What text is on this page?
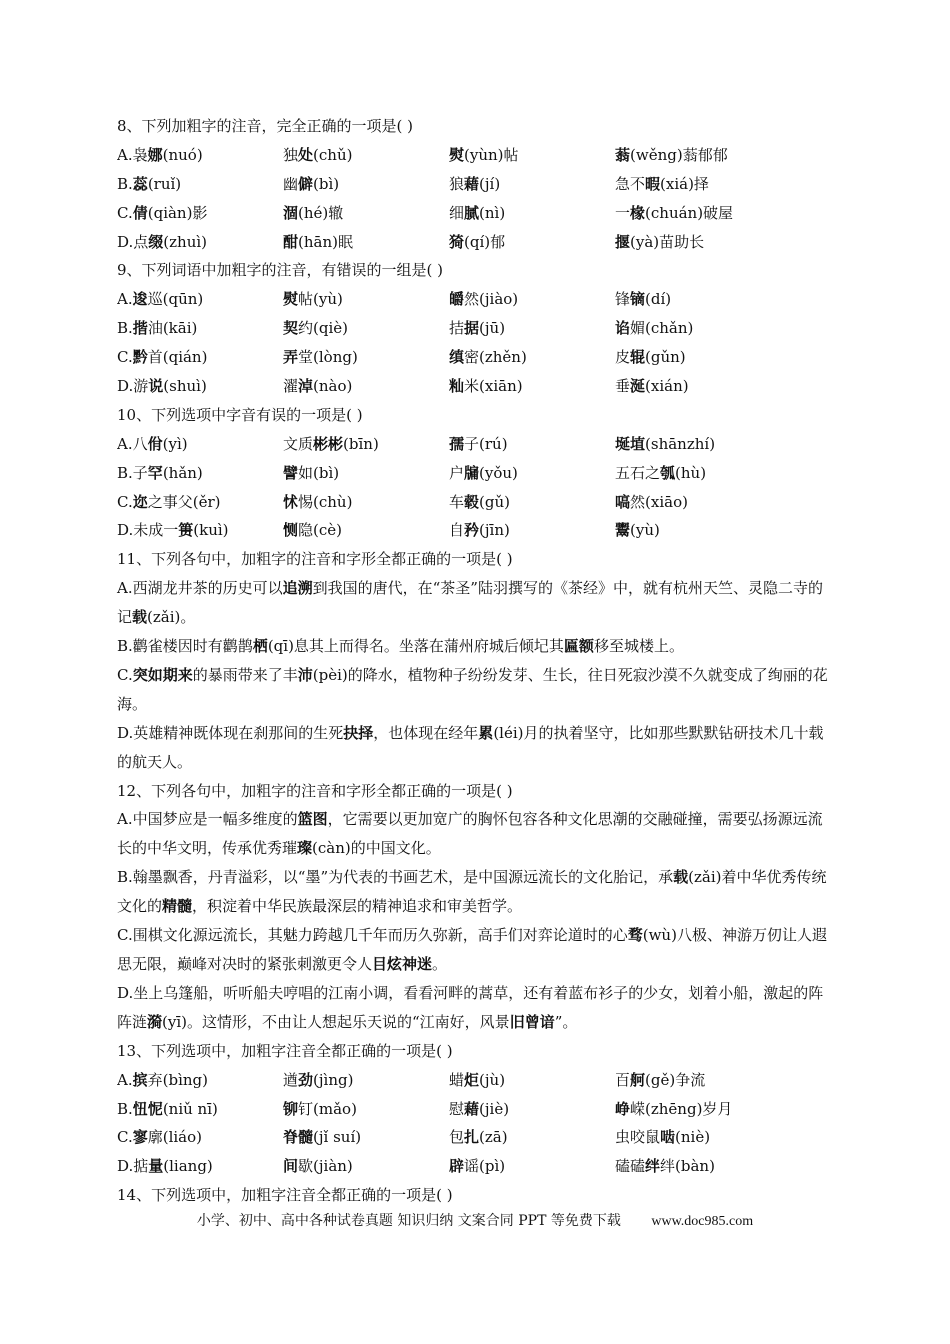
8、下列加粗字的注音，完全正确的一项是( )
A.袅娜(nuó)	独处(chǔ)	熨(yùn)帖	蓊(wěng)蓊郁郁
B.蕊(ruǐ)	幽僻(bì)	狼藉(jí)	急不暇(xiá)择
C.倩(qiàn)影	涸(hé)辙	细腻(nì)	一椽(chuán)破屋
D.点缀(zhuì)	酣(hān)眠	猗(qí)郁	揠(yà)苗助长
9、下列词语中加粗字的注音，有错误的一组是( )
A.逡巡(qūn)	熨帖(yù)	皭然(jiào)	锋镝(dí)
B.揩油(kāi)	契约(qiè)	拮据(jū)	谄媚(chǎn)
C.黔首(qián)	弄堂(lòng)	缜密(zhěn)	皮辊(gǔn)
D.游说(shuì)	濯淖(nào)	籼米(xiān)	垂涎(xián)
10、下列选项中字音有误的一项是( )
A.八佾(yì)	文质彬彬(bīn)	孺子(rú)	埏埴(shānzhí)
B.子罕(hǎn)	譬如(bì)	户牖(yǒu)	五石之瓠(hù)
C.迩之事父(ěr)	怵惕(chù)	车毂(gǔ)	嗃然(xiāo)
D.未成一篑(kuì)	恻隐(cè)	自矜(jīn)	鬻(yù)
11、下列各句中，加粗字的注音和字形全都正确的一项是( )
A.西湖龙井茶的历史可以追溯到我国的唐代，在“茶圣”陆羽撰写的《茶经》中，就有杭州天竺、灵隐二寺的记载(zǎi)。
B.鹳雀楼因时有鹳鹊栖(qī)息其上而得名。坐落在蒲州府城后倾圮其匾额移至城楼上。
C.突如期来的暴雨带来了丰沛(pèi)的降水，植物种子纷纷发芽、生长，往日死寂沙漠不久就变成了绚丽的花海。
D.英雄精神既体现在刹那间的生死抉择，也体现在经年累(léi)月的执着坚守，比如那些默默钻研技术几十载的航天人。
12、下列各句中，加粗字的注音和字形全都正确的一项是( )
A.中国梦应是一幅多维度的篮图，它需要以更加宽广的胸怀包容各种文化思潮的交融碰撞，需要弘扬源远流长的中华文明，传承优秀璀璨(càn)的中国文化。
B.翰墨飘香，丹青溢彩，以“墨”为代表的书画艺术，是中国源远流长的文化胎记，承载(zǎi)着中华优秀传统文化的精髓，积淀着中华民族最深层的精神追求和审美哲学。
C.围棋文化源远流长，其魅力跨越几千年而历久弥新，高手们对弈论道时的心骛(wù)八极、神游万仞让人遐思无限，巅峰对决时的紧张刺激更令人目炫神迷。
D.坐上乌篷船，听听船夫哼唱的江南小调，看看河畔的蒿草，还有着蓝布衫子的少女，划着小船，激起的阵阵涟漪(yī)。这情形，不由让人想起乐天说的“江南好，风景旧曾谙”。
13、下列选项中，加粗字注音全都正确的一项是( )
A.摈弃(bìng)	遒劲(jìng)	蜡炬(jù)	百舸(gě)争流
B.忸怩(niǔ nī)	铆钉(mǎo)	慰藉(jiè)	峥嵘(zhēng)岁月
C.寥廓(liáo)	脊髓(jǐ suí)	包扎(zā)	虫咬鼠啮(niè)
D.掂量(liang)	间歇(jiàn)	辟谣(pì)	磕磕绊绊(bàn)
14、下列选项中，加粗字注音全都正确的一项是( )
小学、初中、高中各种试卷真题 知识归纳 文案合同 PPT 等免费下载 www.doc985.com
